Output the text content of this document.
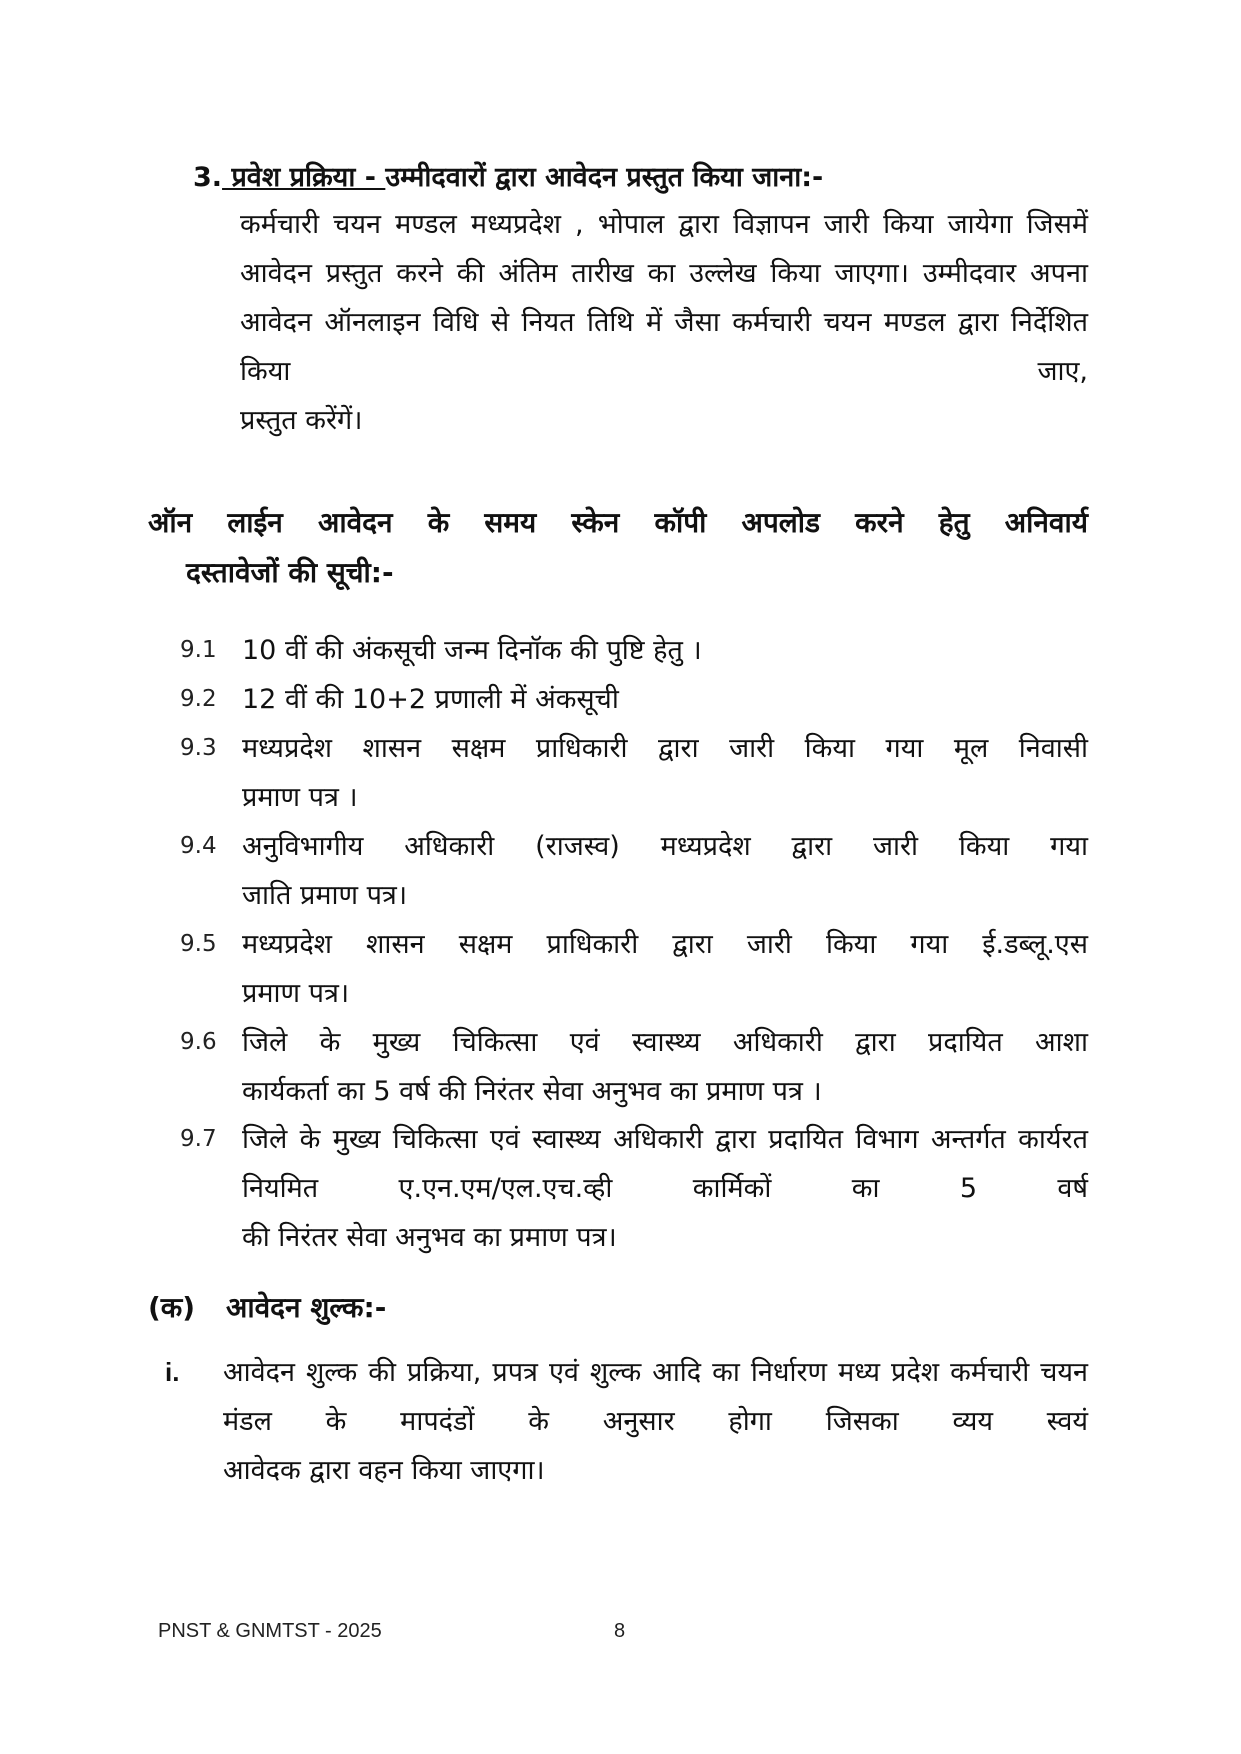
3. प्रवेश प्रक्रिया - उम्मीदवारों द्वारा आवेदन प्रस्तुत किया जाना:-
कर्मचारी चयन मण्डल मध्यप्रदेश , भोपाल द्वारा विज्ञापन जारी किया जायेगा जिसमें आवेदन प्रस्तुत करने की अंतिम तारीख का उल्लेख किया जाएगा। उम्मीदवार अपना आवेदन ऑनलाइन विधि से नियत तिथि में जैसा कर्मचारी चयन मण्डल द्वारा निर्देशित किया जाए,
प्रस्तुत करेंगें।
ऑन लाईन आवेदन के समय स्केन कॉपी अपलोड करने हेतु अनिवार्य
दस्तावेजों की सूची:-
9.1 10 वीं की अंकसूची जन्म दिनॉक की पुष्टि हेतु ।
9.2 12 वीं की 10+2 प्रणाली में अंकसूची
9.3 मध्यप्रदेश शासन सक्षम प्राधिकारी द्वारा जारी किया गया मूल निवासी
प्रमाण पत्र ।
9.4 अनुविभागीय अधिकारी (राजस्व) मध्यप्रदेश द्वारा जारी किया गया
जाति प्रमाण पत्र।
9.5 मध्यप्रदेश शासन सक्षम प्राधिकारी द्वारा जारी किया गया ई.डब्लू.एस
प्रमाण पत्र।
9.6 जिले के मुख्य चिकित्सा एवं स्वास्थ्य अधिकारी द्वारा प्रदायित आशा
कार्यकर्ता का 5 वर्ष की निरंतर सेवा अनुभव का प्रमाण पत्र ।
9.7 जिले के मुख्य चिकित्सा एवं स्वास्थ्य अधिकारी द्वारा प्रदायित विभाग अन्तर्गत कार्यरत नियमित ए.एन.एम/एल.एच.व्ही कार्मिकों का 5 वर्ष
की निरंतर सेवा अनुभव का प्रमाण पत्र।
(क) आवेदन शुल्क:-
i. आवेदन शुल्क की प्रक्रिया, प्रपत्र एवं शुल्क आदि का निर्धारण मध्य प्रदेश कर्मचारी चयन मंडल के मापदंडों के अनुसार होगा जिसका व्यय स्वयं
आवेदक द्वारा वहन किया जाएगा।
PNST & GNMTST - 2025	8
